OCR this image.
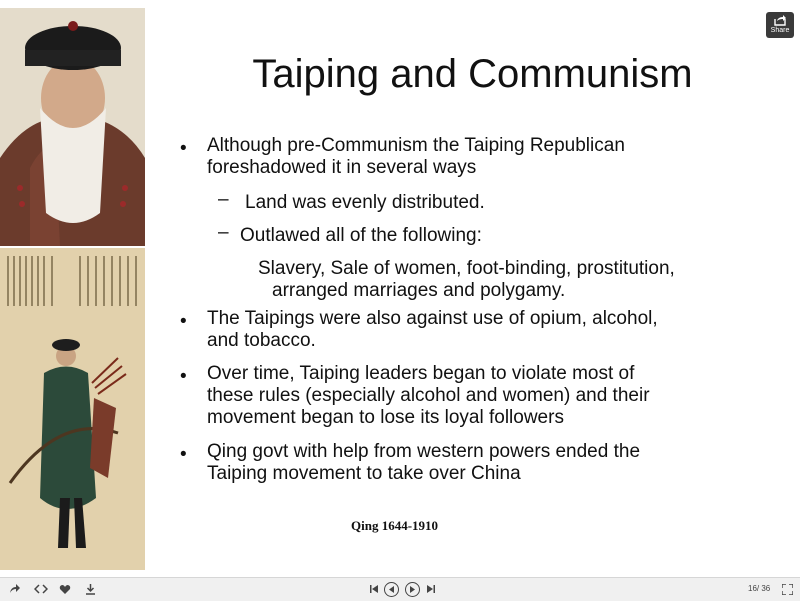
Taiping and Communism
• Although pre-Communism the Taiping Republican
foreshadowed it in several ways
– Land was evenly distributed.
– Outlawed all of the following:
Slavery, Sale of women, foot-binding, prostitution,
arranged marriages and polygamy.
• The Taipings were also against use of opium, alcohol,
and tobacco.
• Over time, Taiping leaders began to violate most of
these rules (especially alcohol and women) and their
movement began to lose its loyal followers
• Qing govt with help from western powers ended the
Taiping movement to take over China
Qing 1644-1910
Share
16/ 36
